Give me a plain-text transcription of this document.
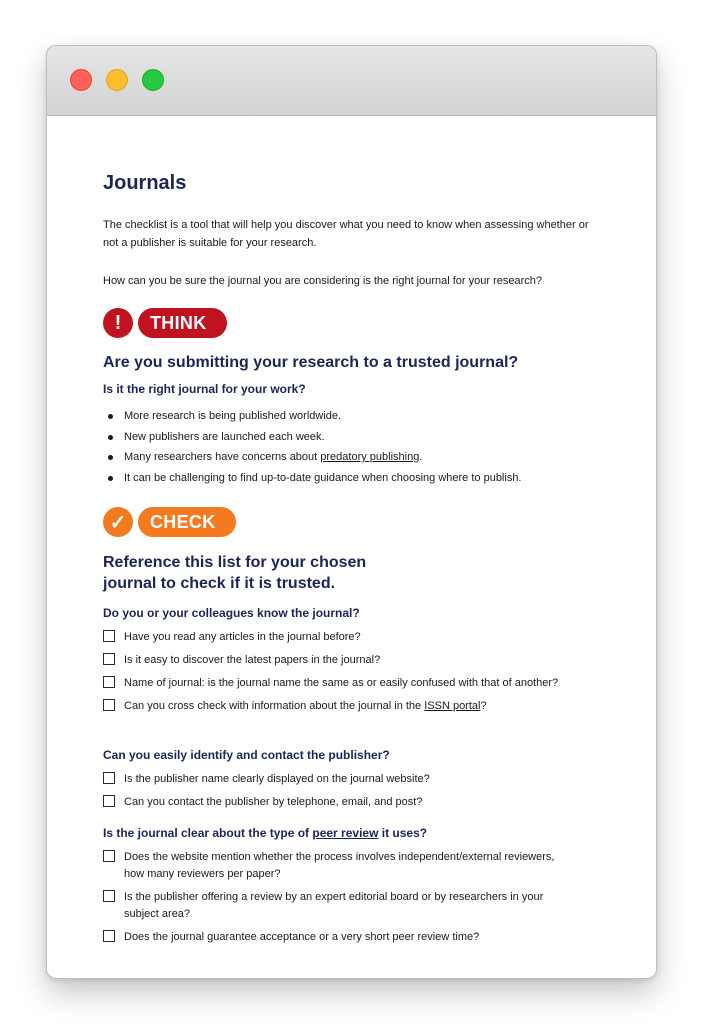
Journals

The checklist is a tool that will help you discover what you need to know when assessing whether or not a publisher is suitable for your research.

How can you be sure the journal you are considering is the right journal for your research?

!	THINK
Are you submitting your research to a trusted journal?
Is it the right journal for your work?
More research is being published worldwide.
New publishers are launched each week.
Many researchers have concerns about predatory publishing.
It can be challenging to find up-to-date guidance when choosing where to publish.
✓	CHECK
Reference this list for your chosen
journal to check if it is trusted.
Do you or your colleagues know the journal?
Have you read any articles in the journal before?
Is it easy to discover the latest papers in the journal?
Name of journal: is the journal name the same as or easily confused with that of another?
Can you cross check with information about the journal in the ISSN portal?
Can you easily identify and contact the publisher?
Is the publisher name clearly displayed on the journal website?
Can you contact the publisher by telephone, email, and post?
Is the journal clear about the type of peer review it uses?
Does the website mention whether the process involves independent/external reviewers, how many reviewers per paper?
Is the publisher offering a review by an expert editorial board or by researchers in your subject area?
Does the journal guarantee acceptance or a very short peer review time?
